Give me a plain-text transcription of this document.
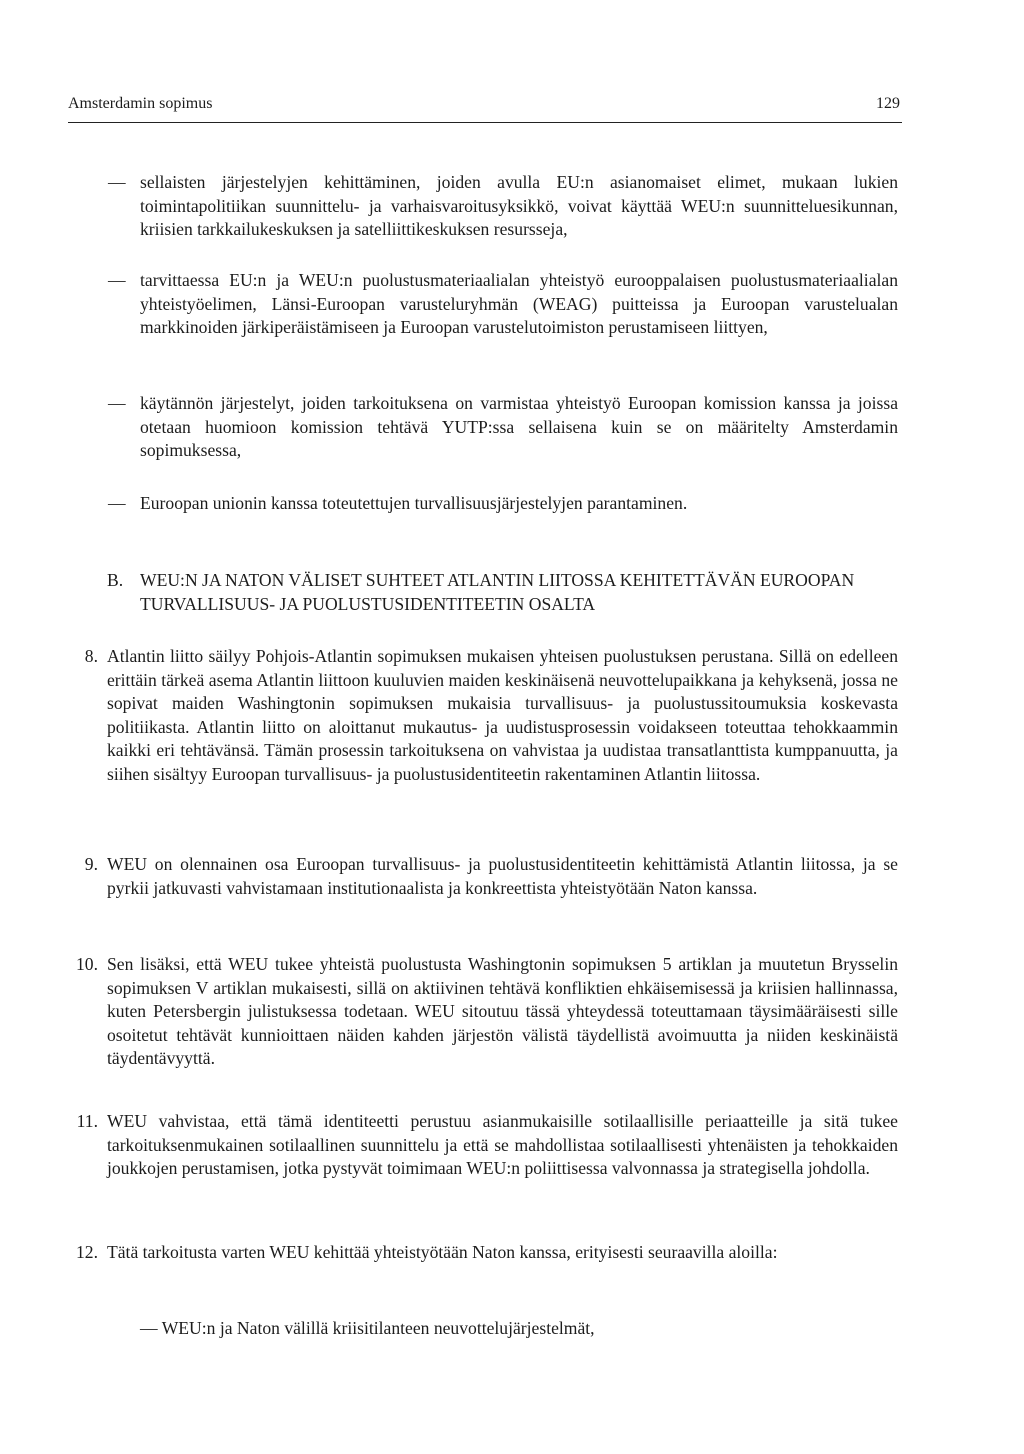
Amsterdamin sopimus	129
— sellaisten järjestelyjen kehittäminen, joiden avulla EU:n asianomaiset elimet, mukaan lukien toimintapolitiikan suunnittelu- ja varhaisvaroitusyksikkö, voivat käyttää WEU:n suunnitteluesikunnan, kriisien tarkkailukeskuksen ja satelliittikeskuksen resursseja,
— tarvittaessa EU:n ja WEU:n puolustusmateriaalialan yhteistyö eurooppalaisen puolustusmateriaalialan yhteistyöelimen, Länsi-Euroopan varusteluryhmän (WEAG) puitteissa ja Euroopan varustelualan markkinoiden järkiperäistämiseen ja Euroopan varustelutoimiston perustamiseen liittyen,
— käytännön järjestelyt, joiden tarkoituksena on varmistaa yhteistyö Euroopan komission kanssa ja joissa otetaan huomioon komission tehtävä YUTP:ssa sellaisena kuin se on määritelty Amsterdamin sopimuksessa,
— Euroopan unionin kanssa toteutettujen turvallisuusjärjestelyjen parantaminen.
B. WEU:N JA NATON VÄLISET SUHTEET ATLANTIN LIITOSSA KEHITETTÄVÄN EUROOPAN TURVALLISUUS- JA PUOLUSTUSIDENTITEETIN OSALTA
8. Atlantin liitto säilyy Pohjois-Atlantin sopimuksen mukaisen yhteisen puolustuksen perustana. Sillä on edelleen erittäin tärkeä asema Atlantin liittoon kuuluvien maiden keskinäisenä neuvottelupaikkana ja kehyksenä, jossa ne sopivat maiden Washingtonin sopimuksen mukaisia turvallisuus- ja puolustussitoumuksia koskevasta politiikasta. Atlantin liitto on aloittanut mukautus- ja uudistusprosessin voidakseen toteuttaa tehokkaammin kaikki eri tehtävänsä. Tämän prosessin tarkoituksena on vahvistaa ja uudistaa transatlanttista kumppanuutta, ja siihen sisältyy Euroopan turvallisuus- ja puolustusidentiteetin rakentaminen Atlantin liitossa.
9. WEU on olennainen osa Euroopan turvallisuus- ja puolustusidentiteetin kehittämistä Atlantin liitossa, ja se pyrkii jatkuvasti vahvistamaan institutionaalista ja konkreettista yhteistyötään Naton kanssa.
10. Sen lisäksi, että WEU tukee yhteistä puolustusta Washingtonin sopimuksen 5 artiklan ja muutetun Brysselin sopimuksen V artiklan mukaisesti, sillä on aktiivinen tehtävä konfliktien ehkäisemisessä ja kriisien hallinnassa, kuten Petersbergin julistuksessa todetaan. WEU sitoutuu tässä yhteydessä toteuttamaan täysimääräisesti sille osoitetut tehtävät kunnioittaen näiden kahden järjestön välistä täydellistä avoimuutta ja niiden keskinäistä täydentävyyttä.
11. WEU vahvistaa, että tämä identiteetti perustuu asianmukaisille sotilaallisille periaatteille ja sitä tukee tarkoituksenmukainen sotilaallinen suunnittelu ja että se mahdollistaa sotilaallisesti yhtenäisten ja tehokkaiden joukkojen perustamisen, jotka pystyvät toimimaan WEU:n poliittisessa valvonnassa ja strategisella johdolla.
12. Tätä tarkoitusta varten WEU kehittää yhteistyötään Naton kanssa, erityisesti seuraavilla aloilla:
— WEU:n ja Naton välillä kriisitilanteen neuvottelujärjestelmät,
